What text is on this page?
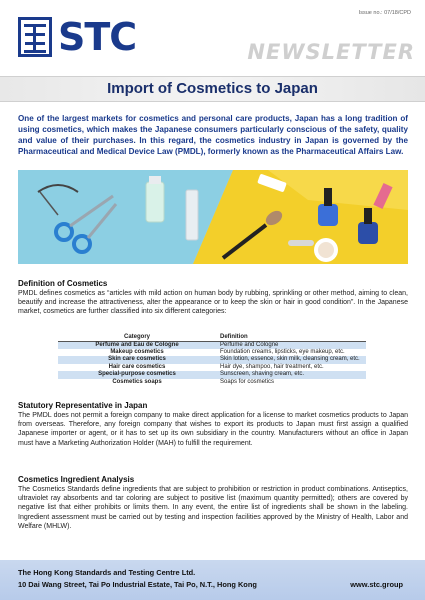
STC
Issue no.: 07/18/CPD
NEWSLETTER
Import of Cosmetics to Japan
One of the largest markets for cosmetics and personal care products, Japan has a long tradition of using cosmetics, which makes the Japanese consumers particularly conscious of the safety, quality and value of their purchases. In this regard, the cosmetics industry in Japan is governed by the Pharmaceutical and Medical Device Law (PMDL), formerly known as the Pharmaceutical Affairs Law.
Definition of Cosmetics
PMDL defines cosmetics as “articles with mild action on human body by rubbing, sprinkling or other method, aiming to clean, beautify and increase the attractiveness, alter the appearance or to keep the skin or hair in good condition”. In the Japanese market, cosmetics are further classified into six different categories:
Category	Definition
Perfume and Eau de Cologne	Perfume and Cologne
Makeup cosmetics	Foundation creams, lipsticks, eye makeup, etc.
Skin care cosmetics	Skin lotion, essence, skin milk, cleansing cream, etc.
Hair care cosmetics	Hair dye, shampoo, hair treatment, etc.
Special-purpose cosmetics	Sunscreen, shaving cream, etc.
Cosmetics soaps	Soaps for cosmetics
Statutory Representative in Japan
The PMDL does not permit a foreign company to make direct application for a license to market cosmetics products to Japan from overseas. Therefore, any foreign company that wishes to export its products to Japan must first assign a qualified Japanese importer or agent, or it has to set up its own subsidiary in the country. Manufacturers without an office in Japan must have a Marketing Authorization Holder (MAH) to fulfill the requirement.
Cosmetics Ingredient Analysis
The Cosmetics Standards define ingredients that are subject to prohibition or restriction in product combinations. Antiseptics, ultraviolet ray absorbents and tar coloring are subject to positive list (maximum quantity permitted); others are covered by negative list that either prohibits or limits them. In any event, the entire list of ingredients shall be shown in the labeling. Ingredient assessment must be carried out by testing and inspection facilities approved by the Ministry of Health, Labor and Welfare (MHLW).
The Hong Kong Standards and Testing Centre Ltd.
10 Dai Wang Street, Tai Po Industrial Estate, Tai Po, N.T., Hong Kong	www.stc.group
